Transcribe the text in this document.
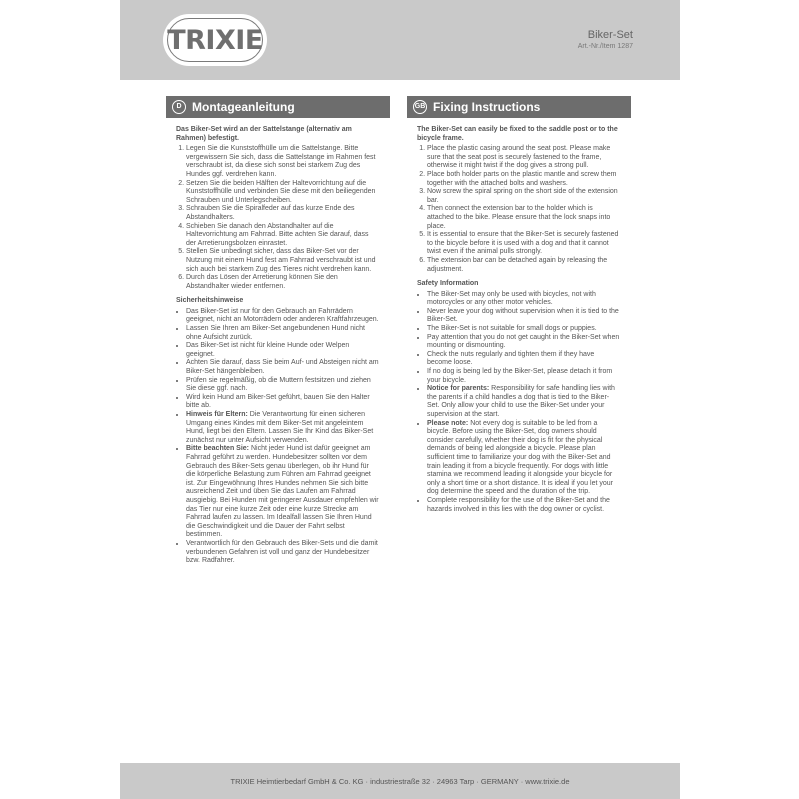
TRIXIE	Biker-Set
Art.-Nr./Item 1287
D Montageanleitung

Das Biker-Set wird an der Sattelstange (alternativ am Rahmen) befestigt.

1. Legen Sie die Kunststoffhülle um die Sattelstange. Bitte vergewissern Sie sich, dass die Sattelstange im Rahmen fest verschraubt ist, da diese sich sonst bei starkem Zug des Hundes ggf. verdrehen kann.
2. Setzen Sie die beiden Hälften der Haltevorrichtung auf die Kunststoffhülle und verbinden Sie diese mit den beiliegenden Schrauben und Unterlegscheiben.
3. Schrauben Sie die Spiralfeder auf das kurze Ende des Abstandhalters.
4. Schieben Sie danach den Abstandhalter auf die Haltevorrichtung am Fahrrad. Bitte achten Sie darauf, dass der Arretierungsbolzen einrastet.
5. Stellen Sie unbedingt sicher, dass das Biker-Set vor der Nutzung mit einem Hund fest am Fahrrad verschraubt ist und sich auch bei starkem Zug des Tieres nicht verdrehen kann.
6. Durch das Lösen der Arretierung können Sie den Abstandhalter wieder entfernen.

Sicherheitshinweise

• Das Biker-Set ist nur für den Gebrauch an Fahrrädern geeignet, nicht an Motorrädern oder anderen Kraftfahrzeugen.
• Lassen Sie Ihren am Biker-Set angebundenen Hund nicht ohne Aufsicht zurück.
• Das Biker-Set ist nicht für kleine Hunde oder Welpen geeignet.
• Achten Sie darauf, dass Sie beim Auf- und Absteigen nicht am Biker-Set hängenbleiben.
• Prüfen sie regelmäßig, ob die Muttern festsitzen und ziehen Sie diese ggf. nach.
• Wird kein Hund am Biker-Set geführt, bauen Sie den Halter bitte ab.
• Hinweis für Eltern: Die Verantwortung für einen sicheren Umgang eines Kindes mit dem Biker-Set mit angeleintem Hund, liegt bei den Eltern. Lassen Sie Ihr Kind das Biker-Set zunächst nur unter Aufsicht verwenden.
• Bitte beachten Sie: Nicht jeder Hund ist dafür geeignet am Fahrrad geführt zu werden. Hundebesitzer sollten vor dem Gebrauch des Biker-Sets genau überlegen, ob ihr Hund für die körperliche Belastung zum Führen am Fahrrad geeignet ist. Zur Eingewöhnung Ihres Hundes nehmen Sie sich bitte ausreichend Zeit und üben Sie das Laufen am Fahrrad ausgiebig. Bei Hunden mit geringerer Ausdauer empfehlen wir das Tier nur eine kurze Zeit oder eine kurze Strecke am Fahrrad laufen zu lassen. Im Idealfall lassen Sie Ihren Hund die Geschwindigkeit und die Dauer der Fahrt selbst bestimmen.
• Verantwortlich für den Gebrauch des Biker-Sets und die damit verbundenen Gefahren ist voll und ganz der Hundebesitzer bzw. Radfahrer.
GB Fixing Instructions

The Biker-Set can easily be fixed to the saddle post or to the bicycle frame.

1. Place the plastic casing around the seat post. Please make sure that the seat post is securely fastened to the frame, otherwise it might twist if the dog gives a strong pull.
2. Place both holder parts on the plastic mantle and screw them together with the attached bolts and washers.
3. Now screw the spiral spring on the short side of the extension bar.
4. Then connect the extension bar to the holder which is attached to the bike. Please ensure that the lock snaps into place.
5. It is essential to ensure that the Biker-Set is securely fastened to the bicycle before it is used with a dog and that it cannot twist even if the animal pulls strongly.
6. The extension bar can be detached again by releasing the adjustment.

Safety Information

• The Biker-Set may only be used with bicycles, not with motorcycles or any other motor vehicles.
• Never leave your dog without supervision when it is tied to the Biker-Set.
• The Biker-Set is not suitable for small dogs or puppies.
• Pay attention that you do not get caught in the Biker-Set when mounting or dismounting.
• Check the nuts regularly and tighten them if they have become loose.
• If no dog is being led by the Biker-Set, please detach it from your bicycle.
• Notice for parents: Responsibility for safe handling lies with the parents if a child handles a dog that is tied to the Biker-Set. Only allow your child to use the Biker-Set under your supervision at the start.
• Please note: Not every dog is suitable to be led from a bicycle. Before using the Biker-Set, dog owners should consider carefully, whether their dog is fit for the physical demands of being led alongside a bicycle. Please plan sufficient time to familiarize your dog with the Biker-Set and train leading it from a bicycle frequently. For dogs with little stamina we recommend leading it alongside your bicycle for only a short time or a short distance. It is ideal if you let your dog determine the speed and the duration of the trip.
• Complete responsibility for the use of the Biker-Set and the hazards involved in this lies with the dog owner or cyclist.
TRIXIE Heimtierbedarf GmbH & Co. KG · industriestraße 32 · 24963 Tarp · GERMANY · www.trixie.de
